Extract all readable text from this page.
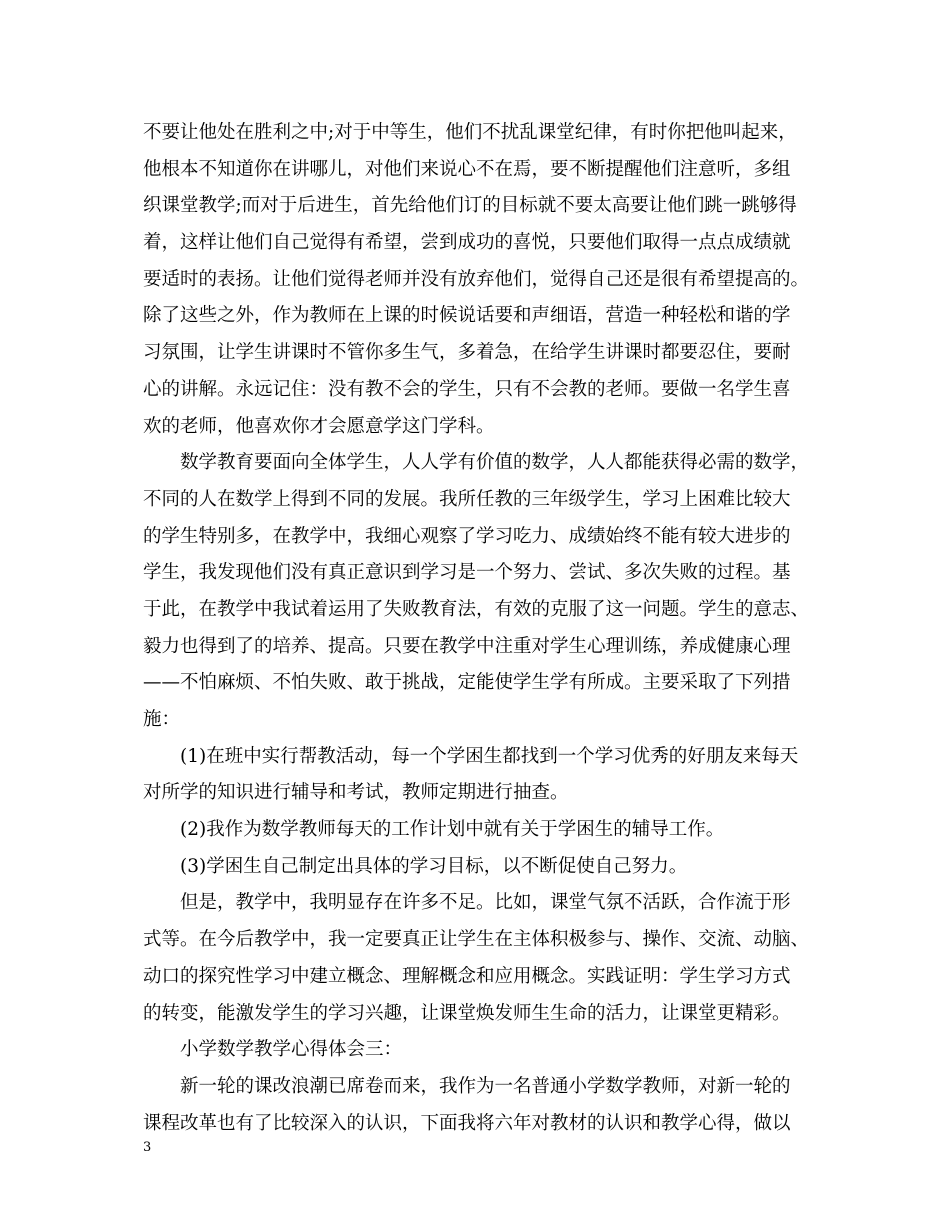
不要让他处在胜利之中;对于中等生，他们不扰乱课堂纪律，有时你把他叫起来，
他根本不知道你在讲哪儿，对他们来说心不在焉，要不断提醒他们注意听，多组
织课堂教学;而对于后进生，首先给他们订的目标就不要太高要让他们跳一跳够得
着，这样让他们自己觉得有希望，尝到成功的喜悦，只要他们取得一点点成绩就
要适时的表扬。让他们觉得老师并没有放弃他们，觉得自己还是很有希望提高的。
除了这些之外，作为教师在上课的时候说话要和声细语，营造一种轻松和谐的学
习氛围，让学生讲课时不管你多生气，多着急，在给学生讲课时都要忍住，要耐
心的讲解。永远记住：没有教不会的学生，只有不会教的老师。要做一名学生喜
欢的老师，他喜欢你才会愿意学这门学科。
数学教育要面向全体学生，人人学有价值的数学，人人都能获得必需的数学，
不同的人在数学上得到不同的发展。我所任教的三年级学生，学习上困难比较大
的学生特别多，在教学中，我细心观察了学习吃力、成绩始终不能有较大进步的
学生，我发现他们没有真正意识到学习是一个努力、尝试、多次失败的过程。基
于此，在教学中我试着运用了失败教育法，有效的克服了这一问题。学生的意志、
毅力也得到了的培养、提高。只要在教学中注重对学生心理训练，养成健康心理
——不怕麻烦、不怕失败、敢于挑战，定能使学生学有所成。主要采取了下列措
施：
(1)在班中实行帮教活动，每一个学困生都找到一个学习优秀的好朋友来每天
对所学的知识进行辅导和考试，教师定期进行抽查。
(2)我作为数学教师每天的工作计划中就有关于学困生的辅导工作。
(3)学困生自己制定出具体的学习目标，以不断促使自己努力。
但是，教学中，我明显存在许多不足。比如，课堂气氛不活跃，合作流于形
式等。在今后教学中，我一定要真正让学生在主体积极参与、操作、交流、动脑、
动口的探究性学习中建立概念、理解概念和应用概念。实践证明：学生学习方式
的转变，能激发学生的学习兴趣，让课堂焕发师生生命的活力，让课堂更精彩。
小学数学教学心得体会三：
新一轮的课改浪潮已席卷而来，我作为一名普通小学数学教师，对新一轮的
课程改革也有了比较深入的认识，下面我将六年对教材的认识和教学心得，做以
3
